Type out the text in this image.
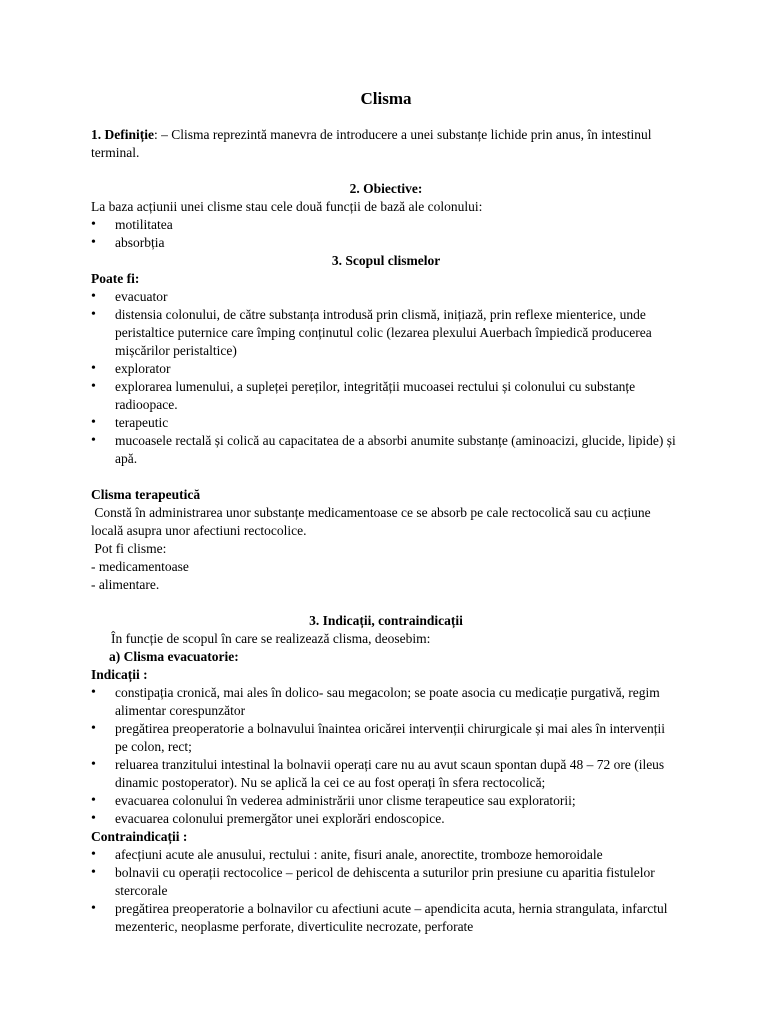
Clisma

1. Definiție: – Clisma reprezintă manevra de introducere a unei substanțe lichide prin anus, în intestinul terminal.

2. Obiective:

La baza acțiunii unei clisme stau cele două funcții de bază ale colonului:

• motilitatea
• absorbția

3. Scopul clismelor

Poate fi:

• evacuator
• distensia colonului, de către substanța introdusă prin clismă, inițiază, prin reflexe mienterice, unde peristaltice puternice care împing conținutul colic (lezarea plexului Auerbach împiedică producerea mișcărilor peristaltice)
• explorator
• explorarea lumenului, a supleței pereților, integrității mucoasei rectului și colonului cu substanțe radioopace.
• terapeutic
• mucoasele rectală și colică au capacitatea de a absorbi anumite substanțe (aminoacizi, glucide, lipide) și apă.

Clisma terapeutică

Constă în administrarea unor substanțe medicamentoase ce se absorb pe cale rectocolică sau cu acțiune locală asupra unor afectiuni rectocolice.

Pot fi clisme:

- medicamentoase

- alimentare.

3. Indicații, contraindicații

În funcție de scopul în care se realizează clisma, deosebim:

a) Clisma evacuatorie:

Indicații :

• constipația cronică, mai ales în dolico- sau megacolon; se poate asocia cu medicație purgativă, regim alimentar corespunzător
• pregătirea preoperatorie a bolnavului înaintea oricărei intervenții chirurgicale și mai ales în intervenții pe colon, rect;
• reluarea tranzitului intestinal la bolnavii operați care nu au avut scaun spontan după 48 – 72 ore (ileus dinamic postoperator). Nu se aplică la cei ce au fost operați în sfera rectocolică;
• evacuarea colonului în vederea administrării unor clisme terapeutice sau exploratorii;
• evacuarea colonului premergător unei explorări endoscopice.

Contraindicații :

• afecțiuni acute ale anusului, rectului : anite, fisuri anale, anorectite, tromboze hemoroidale
• bolnavii cu operații rectocolice – pericol de dehiscenta a suturilor prin presiune cu aparitia fistulelor stercorale
• pregătirea preoperatorie a bolnavilor cu afectiuni acute – apendicita acuta, hernia strangulata, infarctul mezenteric, neoplasme perforate, diverticulite necrozate, perforate
